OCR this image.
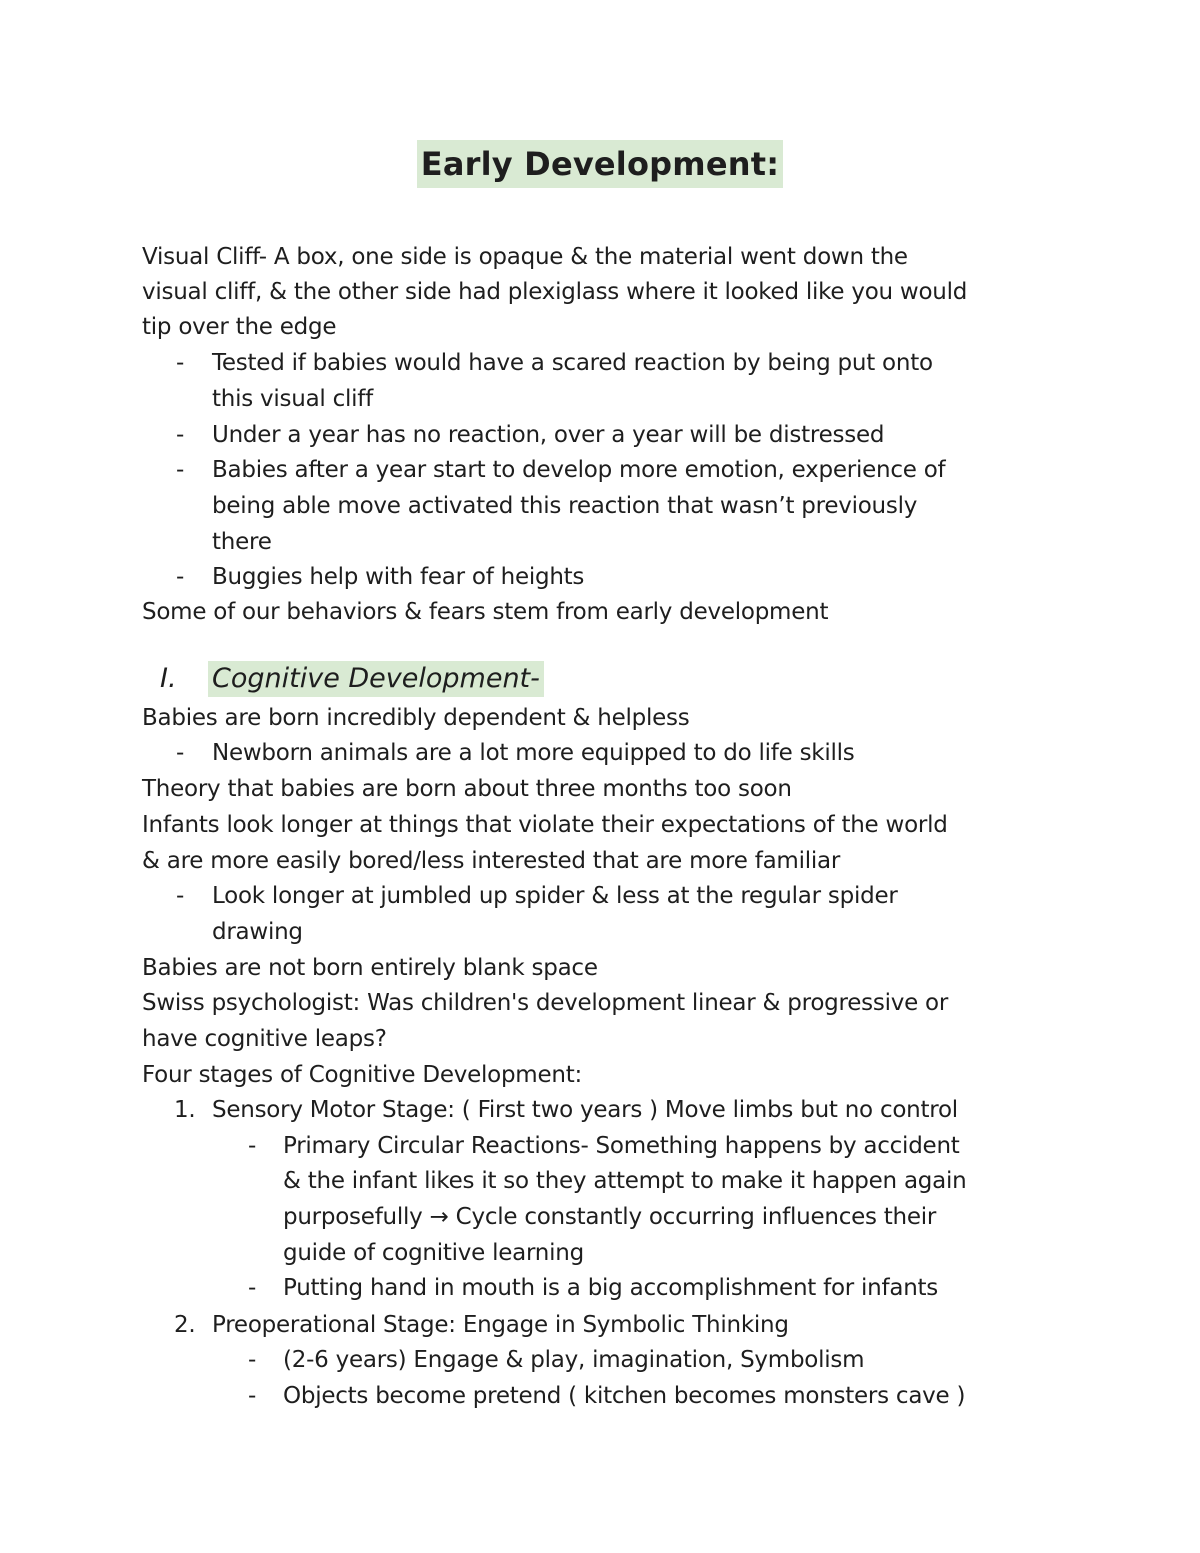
Early Development:
Visual Cliff- A box, one side is opaque & the material went down the
visual cliff, & the other side had plexiglass where it looked like you would
tip over the edge
- Tested if babies would have a scared reaction by being put onto
this visual cliff
- Under a year has no reaction, over a year will be distressed
- Babies after a year start to develop more emotion, experience of
being able move activated this reaction that wasn’t previously
there
- Buggies help with fear of heights
Some of our behaviors & fears stem from early development
I. Cognitive Development-
Babies are born incredibly dependent & helpless
- Newborn animals are a lot more equipped to do life skills
Theory that babies are born about three months too soon
Infants look longer at things that violate their expectations of the world
& are more easily bored/less interested that are more familiar
- Look longer at jumbled up spider & less at the regular spider
drawing
Babies are not born entirely blank space
Swiss psychologist: Was children's development linear & progressive or
have cognitive leaps?
Four stages of Cognitive Development:
1. Sensory Motor Stage: ( First two years ) Move limbs but no control
- Primary Circular Reactions- Something happens by accident
& the infant likes it so they attempt to make it happen again
purposefully → Cycle constantly occurring influences their
guide of cognitive learning
- Putting hand in mouth is a big accomplishment for infants
2. Preoperational Stage: Engage in Symbolic Thinking
- (2-6 years) Engage & play, imagination, Symbolism
- Objects become pretend ( kitchen becomes monsters cave )
